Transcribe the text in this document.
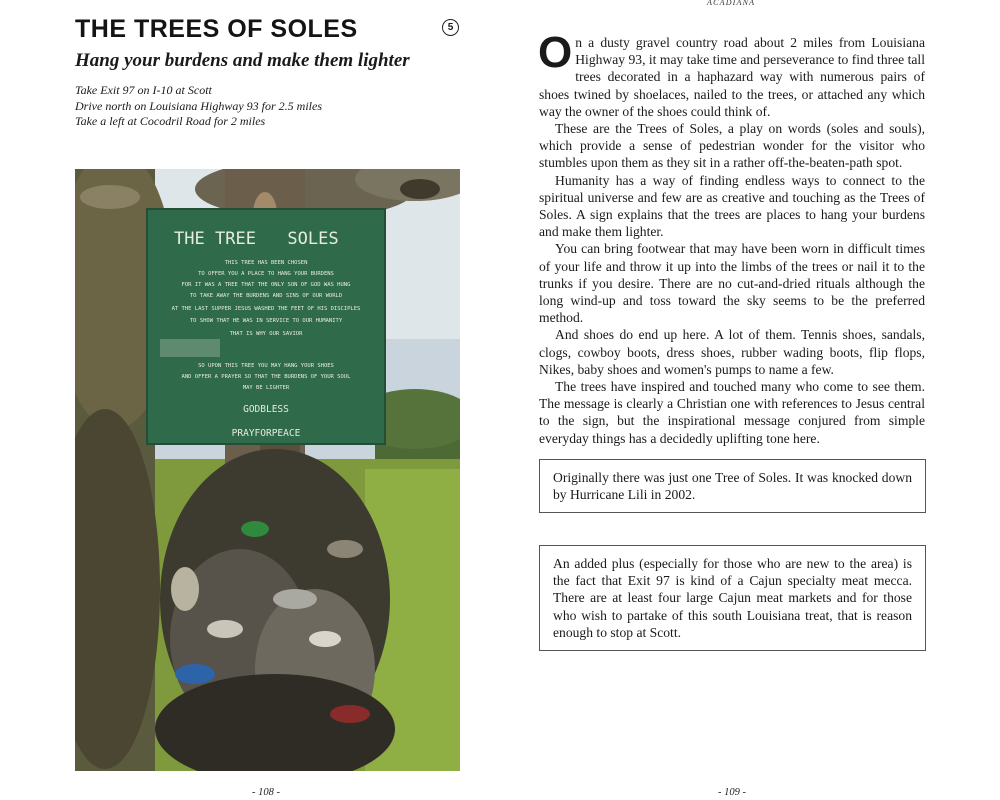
THE TREES OF SOLES	5
Hang your burdens and make them lighter
Take Exit 97 on I-10 at Scott
Drive north on Louisiana Highway 93 for 2.5 miles
Take a left at Cocodril Road for 2 miles
THE TREE SOLES
THIS TREE HAS BEEN CHOSEN
TO OFFER YOU A PLACE TO HANG YOUR BURDENS
FOR IT WAS A TREE THAT THE ONLY SON OF GOD WAS HUNG
TO TAKE AWAY THE BURDENS AND SINS OF OUR WORLD
AT THE LAST SUPPER JESUS WASHED THE FEET OF HIS DISCIPLES
TO SHOW THAT HE WAS IN SERVICE TO OUR HUMANITY
THAT IS WHY OUR SAVIOR
SO UPON THIS TREE YOU MAY HANG YOUR SHOES
AND OFFER A PRAYER SO THAT THE BURDENS OF YOUR SOUL
MAY BE LIGHTER
GODBLESS
PRAYFORPEACE
- 108 -
ACADIANA

On a dusty gravel country road about 2 miles from Louisiana Highway 93, it may take time and perseverance to find three tall trees decorated in a haphazard way with numerous pairs of shoes twined by shoelaces, nailed to the trees, or attached any which way the owner of the shoes could think of.

These are the Trees of Soles, a play on words (soles and souls), which provide a sense of pedestrian wonder for the visitor who stumbles upon them as they sit in a rather off-the-beaten-path spot.

Humanity has a way of finding endless ways to connect to the spiritual universe and few are as creative and touching as the Trees of Soles. A sign explains that the trees are places to hang your burdens and make them lighter.

You can bring footwear that may have been worn in difficult times of your life and throw it up into the limbs of the trees or nail it to the trunks if you desire. There are no cut-and-dried rituals although the long wind-up and toss toward the sky seems to be the preferred method.

And shoes do end up here. A lot of them. Tennis shoes, sandals, clogs, cowboy boots, dress shoes, rubber wading boots, flip flops, Nikes, baby shoes and women's pumps to name a few.

The trees have inspired and touched many who come to see them. The message is clearly a Christian one with references to Jesus central to the sign, but the inspirational message conjured from simple everyday things has a decidedly uplifting tone here.

Originally there was just one Tree of Soles. It was knocked down by Hurricane Lili in 2002.
An added plus (especially for those who are new to the area) is the fact that Exit 97 is kind of a Cajun specialty meat mecca. There are at least four large Cajun meat markets and for those who wish to partake of this south Louisiana treat, that is reason enough to stop at Scott.
- 109 -
